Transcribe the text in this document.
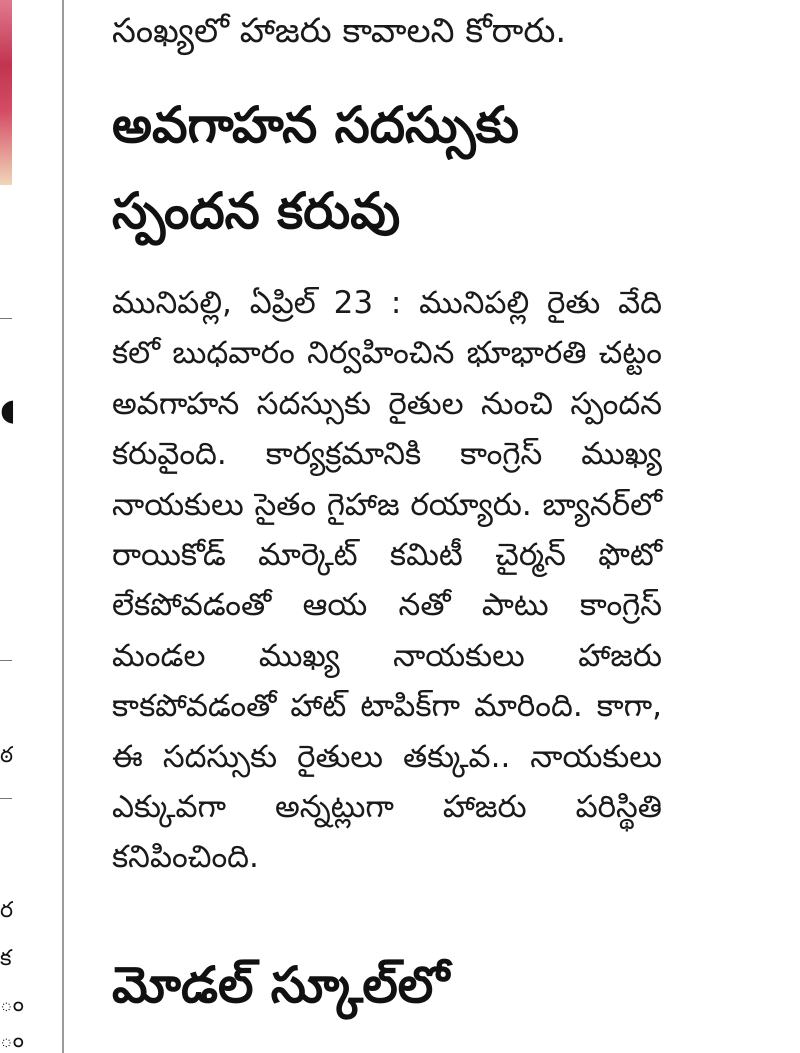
◖
ఠ
ర
క
ం
ం
సంఖ్యలో హాజరు కావాలని కోరారు.
అవగాహన సదస్సుకు
స్పందన కరువు

మునిపల్లి, ఏప్రిల్ 23 : మునిపల్లి రైతు వేది కలో బుధవారం నిర్వహించిన భూభారతి చట్టం అవగాహన సదస్సుకు రైతుల నుంచి స్పందన కరువైంది. కార్యక్రమానికి కాంగ్రెస్ ముఖ్య నాయకులు సైతం గైహాజ రయ్యారు. బ్యానర్‌లో రాయికోడ్ మార్కెట్ కమిటీ చైర్మన్ ఫొటో లేకపోవడంతో ఆయ నతో పాటు కాంగ్రెస్ మండల ముఖ్య నాయకులు హాజరు కాకపోవడంతో హాట్ టాపిక్‌గా మారింది. కాగా, ఈ సదస్సుకు రైతులు తక్కువ.. నాయకులు ఎక్కువగా అన్నట్లుగా హాజరు పరిస్థితి కనిపించింది.

మోడల్ స్కూల్‌లో
